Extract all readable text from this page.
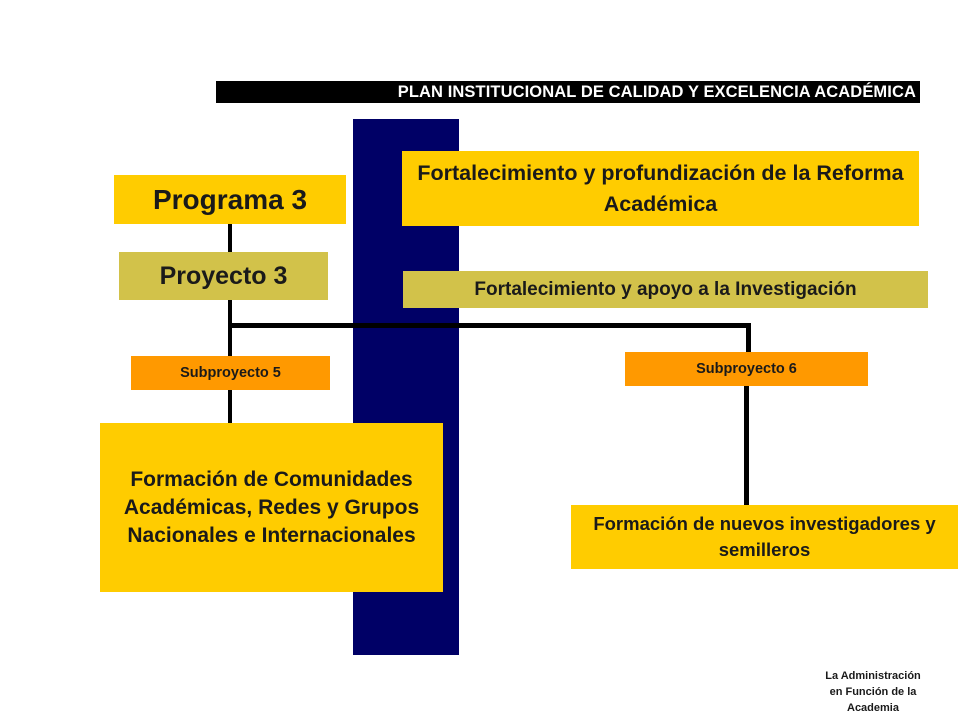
PLAN INSTITUCIONAL DE CALIDAD Y EXCELENCIA ACADÉMICA
Programa 3
Fortalecimiento y profundización de la Reforma Académica
Proyecto 3	Fortalecimiento y apoyo a la Investigación
Subproyecto 5	Subproyecto 6
Formación de Comunidades Académicas, Redes y Grupos Nacionales e Internacionales	Formación de nuevos investigadores y semilleros
La Administración
en Función de la
Academia
